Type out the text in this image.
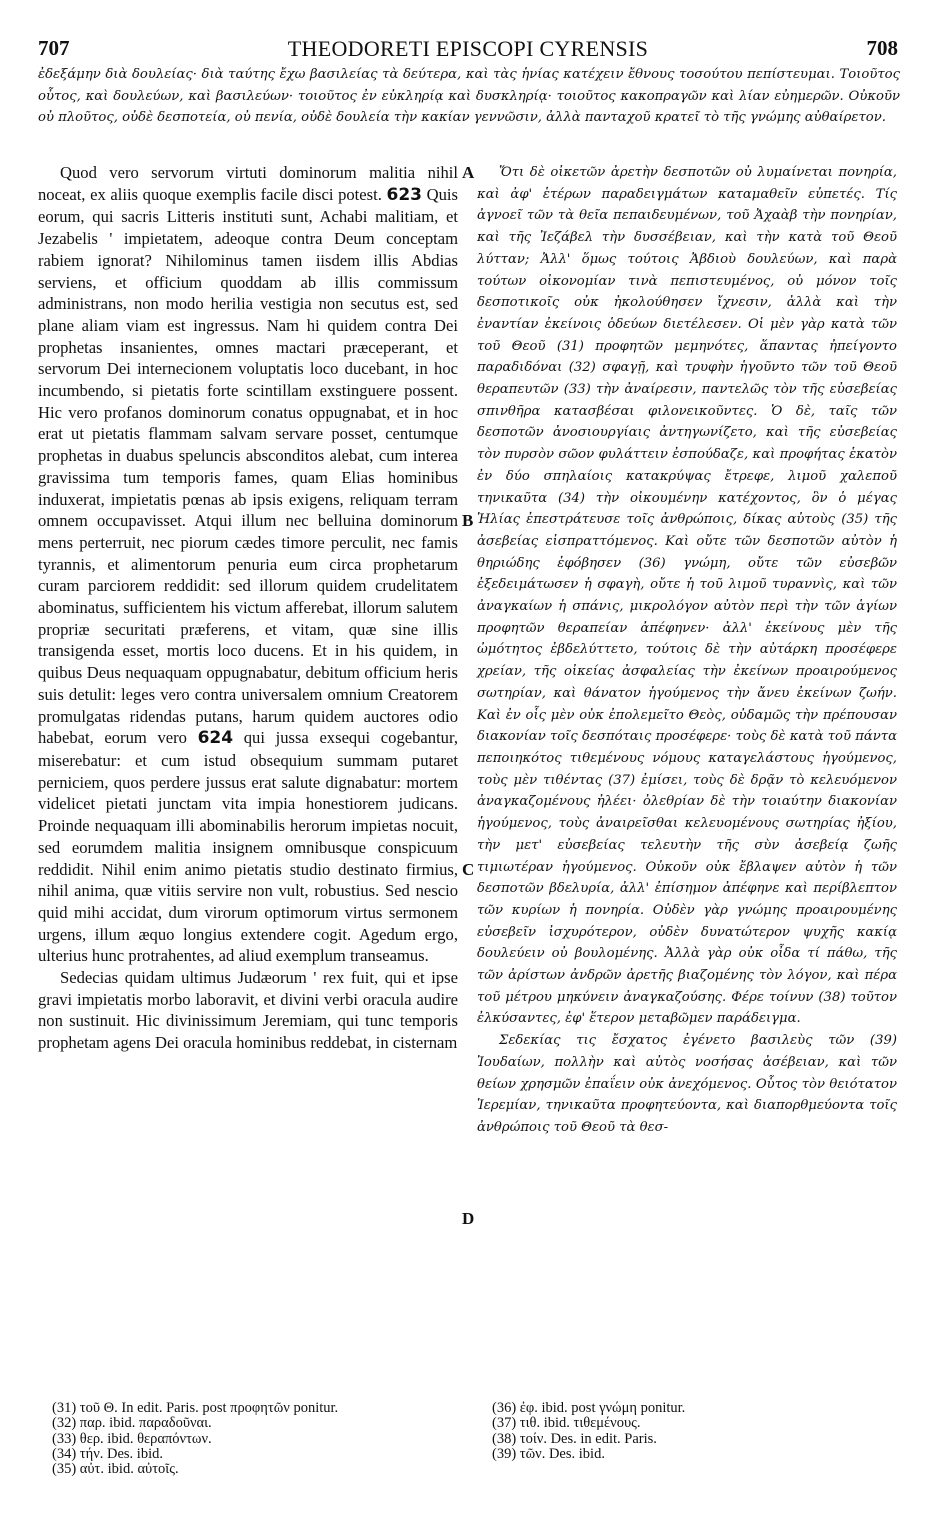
707	THEODORETI EPISCOPI CYRENSIS	708
ἐδεξάμην διὰ δουλείας· διὰ ταύτης ἔχω βασιλείας τὰ δεύτερα, καὶ τὰς ἡνίας κατέχειν ἔθνους τοσούτου πεπίστευμαι. Τοιοῦτος οὗτος, καὶ δουλεύων, καὶ βασιλεύων· τοιοῦτος ἐν εὐκληρίᾳ καὶ δυσκληρίᾳ· τοιοῦτος κακοπραγῶν καὶ λίαν εὐημερῶν. Οὐκοῦν οὐ πλοῦτος, οὐδὲ δεσποτεία, οὐ πενία, οὐδὲ δουλεία τὴν κακίαν γεννῶσιν, ἀλλὰ πανταχοῦ κρατεῖ τὸ τῆς γνώμης αὐθαίρετον.

Quod vero servorum virtuti dominorum malitia nihil noceat, ex aliis quoque exemplis facile disci potest. 623 Quis eorum, qui sacris Litteris instituti sunt, Achabi malitiam, et Jezabelis ' impietatem, adeoque contra Deum conceptam rabiem ignorat? Nihilominus tamen iisdem illis Abdias serviens, et officium quoddam ab illis commissum administrans, non modo herilia vestigia non secutus est, sed plane aliam viam est ingressus. Nam hi quidem contra Dei prophetas insanientes, omnes mactari præceperant, et servorum Dei internecionem voluptatis loco ducebant, in hoc incumbendo, si pietatis forte scintillam exstinguere possent. Hic vero profanos dominorum conatus oppugnabat, et in hoc erat ut pietatis flammam salvam servare posset, centumque prophetas in duabus speluncis absconditos alebat, cum interea gravissima tum temporis fames, quam Elias hominibus induxerat, impietatis pœnas ab ipsis exigens, reliquam terram omnem occupavisset. Atqui illum nec belluina dominorum mens perterruit, nec piorum cædes timore perculit, nec famis tyrannis, et alimentorum penuria eum circa prophetarum curam parciorem reddidit: sed illorum quidem crudelitatem abominatus, sufficientem his victum afferebat, illorum salutem propriæ securitati præferens, et vitam, quæ sine illis transigenda esset, mortis loco ducens. Et in his quidem, in quibus Deus nequaquam oppugnabatur, debitum officium heris suis detulit: leges vero contra universalem omnium Creatorem promulgatas ridendas putans, harum quidem auctores odio habebat, eorum vero 624 qui jussa exsequi cogebantur, miserebatur: et cum istud obsequium summam putaret perniciem, quos perdere jussus erat salute dignabatur: mortem videlicet pietati junctam vita impia honestiorem judicans. Proinde nequaquam illi abominabilis herorum impietas nocuit, sed eorumdem malitia insignem omnibusque conspicuum reddidit. Nihil enim animo pietatis studio destinato firmius, nihil anima, quæ vitiis servire non vult, robustius. Sed nescio quid mihi accidat, dum virorum optimorum virtus sermonem urgens, illum æquo longius extendere cogit. Agedum ergo, ulterius hunc protrahentes, ad aliud exemplum transeamus.

Sedecias quidam ultimus Judæorum ' rex fuit, qui et ipse gravi impietatis morbo laboravit, et divini verbi oracula audire non sustinuit. Hic divinissimum Jeremiam, qui tunc temporis prophetam agens Dei oracula hominibus reddebat, in cisternam

A
B
C
D

Ὅτι δὲ οἰκετῶν ἀρετὴν δεσποτῶν οὐ λυμαίνεται πονηρία, καὶ ἀφ' ἑτέρων παραδειγμάτων καταμαθεῖν εὐπετές. Τίς ἀγνοεῖ τῶν τὰ θεῖα πεπαιδευμένων, τοῦ Ἀχαὰβ τὴν πονηρίαν, καὶ τῆς Ἰεζάβελ τὴν δυσσέβειαν, καὶ τὴν κατὰ τοῦ Θεοῦ λύτταν; Ἀλλ' ὅμως τούτοις Ἀβδιοὺ δουλεύων, καὶ παρὰ τούτων οἰκονομίαν τινὰ πεπιστευμένος, οὐ μόνον τοῖς δεσποτικοῖς οὐκ ἠκολούθησεν ἴχνεσιν, ἀλλὰ καὶ τὴν ἐναντίαν ἐκείνοις ὁδεύων διετέλεσεν. Οἱ μὲν γὰρ κατὰ τῶν τοῦ Θεοῦ (31) προφητῶν μεμηνότες, ἅπαντας ἠπείγοντο παραδιδόναι (32) σφαγῇ, καὶ τρυφὴν ἡγοῦντο τῶν τοῦ Θεοῦ θεραπευτῶν (33) τὴν ἀναίρεσιν, παντελῶς τὸν τῆς εὐσεβείας σπινθῆρα κατασβέσαι φιλονεικοῦντες. Ὁ δὲ, ταῖς τῶν δεσποτῶν ἀνοσιουργίαις ἀντηγωνίζετο, καὶ τῆς εὐσεβείας τὸν πυρσὸν σῶον φυλάττειν ἐσπούδαζε, καὶ προφήτας ἑκατὸν ἐν δύο σπηλαίοις κατακρύψας ἔτρεφε, λιμοῦ χαλεποῦ τηνικαῦτα (34) τὴν οἰκουμένην κατέχοντος, ὃν ὁ μέγας Ἠλίας ἐπεστράτευσε τοῖς ἀνθρώποις, δίκας αὐτοὺς (35) τῆς ἀσεβείας εἰσπραττόμενος. Καὶ οὔτε τῶν δεσποτῶν αὐτὸν ἡ θηριώδης ἐφόβησεν (36) γνώμη, οὔτε τῶν εὐσεβῶν ἐξεδειμάτωσεν ἡ σφαγὴ, οὔτε ἡ τοῦ λιμοῦ τυραννὶς, καὶ τῶν ἀναγκαίων ἡ σπάνις, μικρολόγον αὐτὸν περὶ τὴν τῶν ἁγίων προφητῶν θεραπείαν ἀπέφηνεν· ἀλλ' ἐκείνους μὲν τῆς ὠμότητος ἐβδελύττετο, τούτοις δὲ τὴν αὐτάρκη προσέφερε χρείαν, τῆς οἰκείας ἀσφαλείας τὴν ἐκείνων προαιρούμενος σωτηρίαν, καὶ θάνατον ἡγούμενος τὴν ἄνευ ἐκείνων ζωήν. Καὶ ἐν οἷς μὲν οὐκ ἐπολεμεῖτο Θεὸς, οὐδαμῶς τὴν πρέπουσαν διακονίαν τοῖς δεσπόταις προσέφερε· τοὺς δὲ κατὰ τοῦ πάντα πεποιηκότος τιθεμένους νόμους καταγελάστους ἡγούμενος, τοὺς μὲν τιθέντας (37) ἐμίσει, τοὺς δὲ δρᾷν τὸ κελευόμενον ἀναγκαζομένους ἠλέει· ὀλεθρίαν δὲ τὴν τοιαύτην διακονίαν ἡγούμενος, τοὺς ἀναιρεῖσθαι κελευομένους σωτηρίας ἠξίου, τὴν μετ' εὐσεβείας τελευτὴν τῆς σὺν ἀσεβείᾳ ζωῆς τιμιωτέραν ἡγούμενος. Οὐκοῦν οὐκ ἔβλαψεν αὐτὸν ἡ τῶν δεσποτῶν βδελυρία, ἀλλ' ἐπίσημον ἀπέφηνε καὶ περίβλεπτον τῶν κυρίων ἡ πονηρία. Οὐδὲν γὰρ γνώμης προαιρουμένης εὐσεβεῖν ἰσχυρότερον, οὐδὲν δυνατώτερον ψυχῆς κακίᾳ δουλεύειν οὐ βουλομένης. Ἀλλὰ γὰρ οὐκ οἶδα τί πάθω, τῆς τῶν ἀρίστων ἀνδρῶν ἀρετῆς βιαζομένης τὸν λόγον, καὶ πέρα τοῦ μέτρου μηκύνειν ἀναγκαζούσης. Φέρε τοίνυν (38) τοῦτον ἐλκύσαντες, ἐφ' ἕτερον μεταβῶμεν παράδειγμα.

Σεδεκίας τις ἔσχατος ἐγένετο βασιλεὺς τῶν (39) Ἰουδαίων, πολλὴν καὶ αὐτὸς νοσήσας ἀσέβειαν, καὶ τῶν θείων χρησμῶν ἐπαΐειν οὐκ ἀνεχόμενος. Οὗτος τὸν θειότατον Ἱερεμίαν, τηνικαῦτα προφητεύοντα, καὶ διαπορθμεύοντα τοῖς ἀνθρώποις τοῦ Θεοῦ τὰ θεσ-

(31) τοῦ Θ. In edit. Paris. post προφητῶν ponitur.
(32) παρ. ibid. παραδοῦναι.
(33) θερ. ibid. θεραπόντων.
(34) τήν. Des. ibid.
(35) αὐτ. ibid. αὐτοῖς.
(36) ἐφ. ibid. post γνώμη ponitur.
(37) τιθ. ibid. τιθεμένους.
(38) τοίν. Des. in edit. Paris.
(39) τῶν. Des. ibid.
